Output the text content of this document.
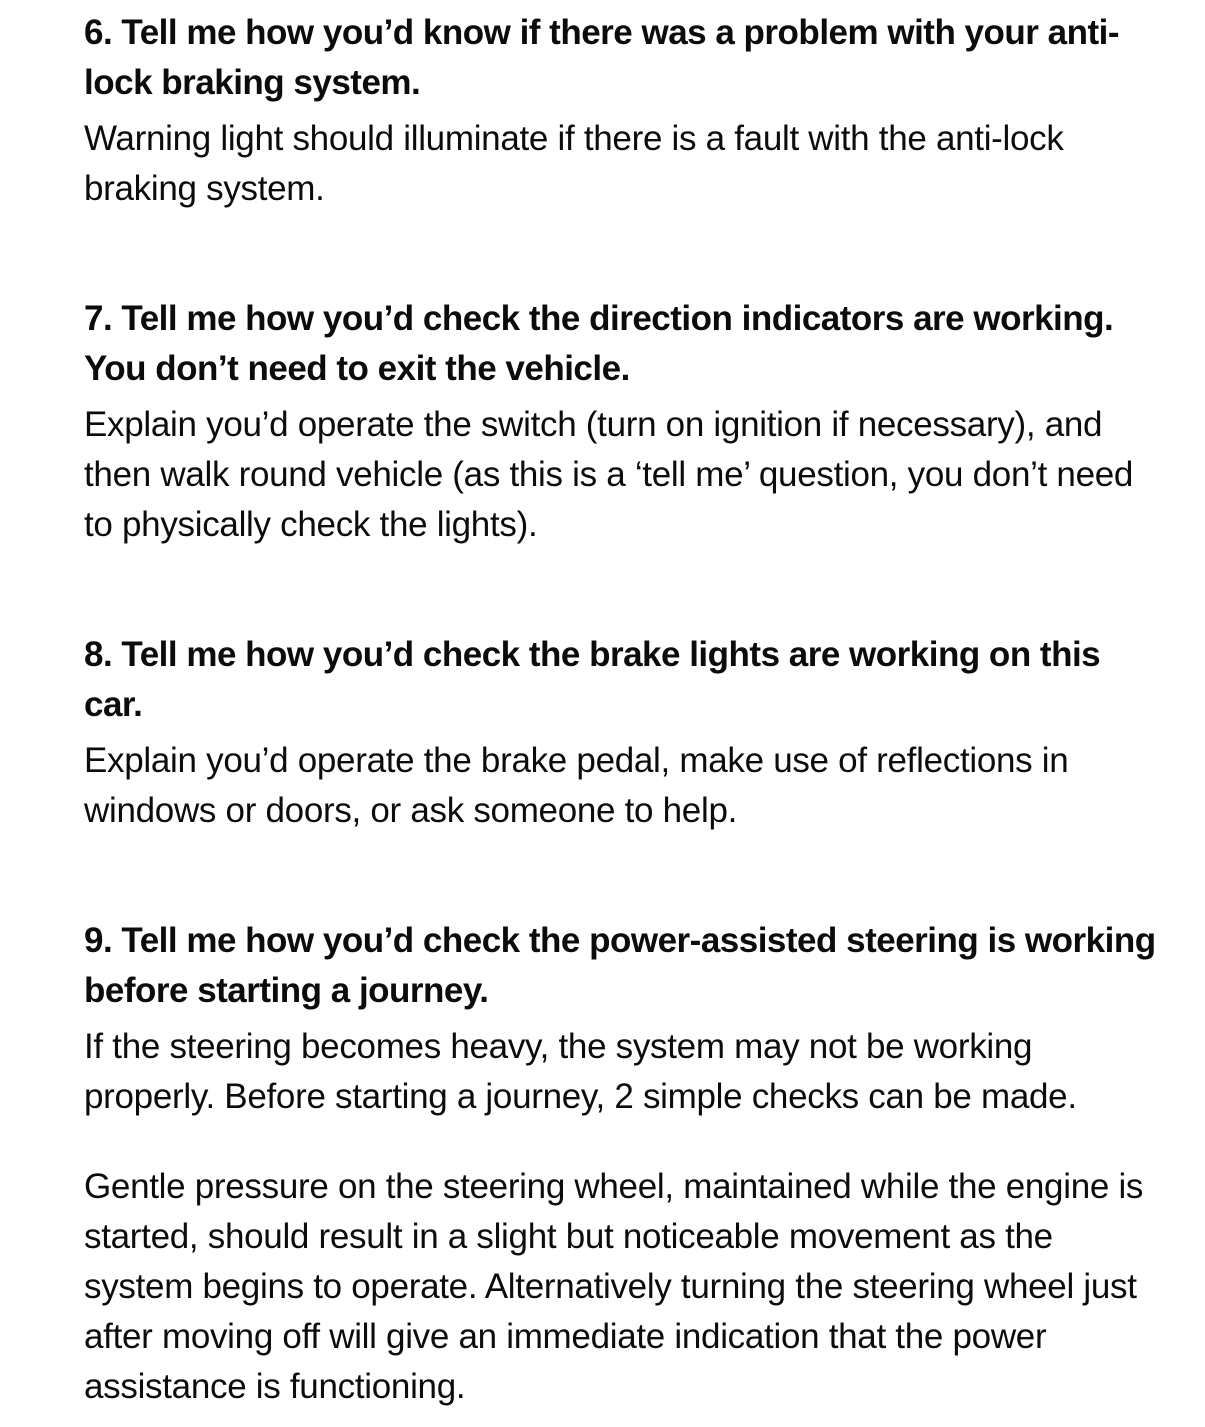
6. Tell me how you’d know if there was a problem with your anti-lock braking system.

Warning light should illuminate if there is a fault with the anti-lock braking system.

7. Tell me how you’d check the direction indicators are working. You don’t need to exit the vehicle.

Explain you’d operate the switch (turn on ignition if necessary), and then walk round vehicle (as this is a ‘tell me’ question, you don’t need to physically check the lights).

8. Tell me how you’d check the brake lights are working on this car.

Explain you’d operate the brake pedal, make use of reflections in windows or doors, or ask someone to help.

9. Tell me how you’d check the power-assisted steering is working before starting a journey.

If the steering becomes heavy, the system may not be working properly. Before starting a journey, 2 simple checks can be made.

Gentle pressure on the steering wheel, maintained while the engine is started, should result in a slight but noticeable movement as the system begins to operate. Alternatively turning the steering wheel just after moving off will give an immediate indication that the power assistance is functioning.
